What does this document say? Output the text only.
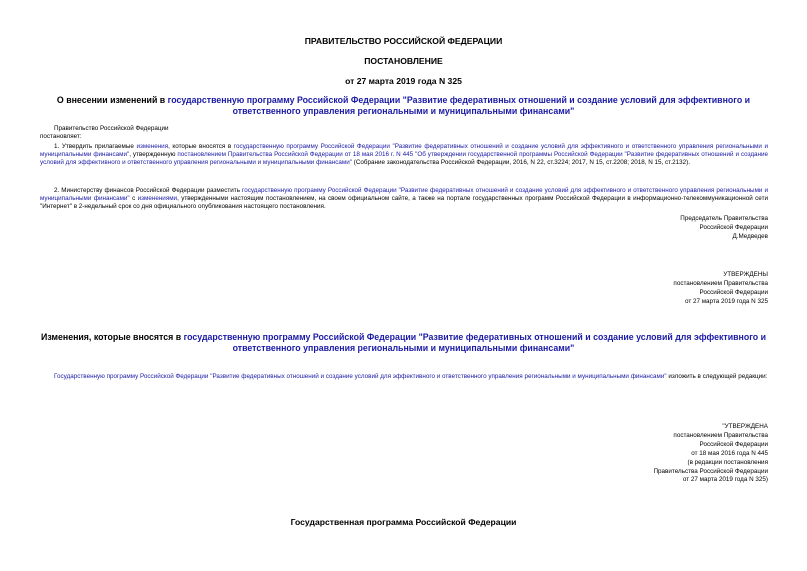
ПРАВИТЕЛЬСТВО РОССИЙСКОЙ ФЕДЕРАЦИИ
ПОСТАНОВЛЕНИЕ
от 27 марта 2019 года N 325
О внесении изменений в государственную программу Российской Федерации "Развитие федеративных отношений и создание условий для эффективного и ответственного управления региональными и муниципальными финансами"
Правительство Российской Федерации
постановляет:
1. Утвердить прилагаемые изменения, которые вносятся в государственную программу Российской Федерации "Развитие федеративных отношений и создание условий для эффективного и ответственного управления региональными и муниципальными финансами", утвержденную постановлением Правительства Российской Федерации от 18 мая 2016 г. N 445 "Об утверждении государственной программы Российской Федерации "Развитие федеративных отношений и создание условий для эффективного и ответственного управления региональными и муниципальными финансами" (Собрание законодательства Российской Федерации, 2016, N 22, ст.3224; 2017, N 15, ст.2208; 2018, N 15, ст.2132).
2. Министерству финансов Российской Федерации разместить государственную программу Российской Федерации "Развитие федеративных отношений и создание условий для эффективного и ответственного управления региональными и муниципальными финансами" с изменениями, утвержденными настоящим постановлением, на своем официальном сайте, а также на портале государственных программ Российской Федерации в информационно-телекоммуникационной сети "Интернет" в 2-недельный срок со дня официального опубликования настоящего постановления.
Председатель Правительства
Российской Федерации
Д.Медведев
УТВЕРЖДЕНЫ
постановлением Правительства
Российской Федерации
от 27 марта 2019 года N 325
Изменения, которые вносятся в государственную программу Российской Федерации "Развитие федеративных отношений и создание условий для эффективного и ответственного управления региональными и муниципальными финансами"
Государственную программу Российской Федерации "Развитие федеративных отношений и создание условий для эффективного и ответственного управления региональными и муниципальными финансами" изложить в следующей редакции:
"УТВЕРЖДЕНА
постановлением Правительства
Российской Федерации
от 18 мая 2016 года N 445
(в редакции постановления
Правительства Российской Федерации
от 27 марта 2019 года N 325)
Государственная программа Российской Федерации
